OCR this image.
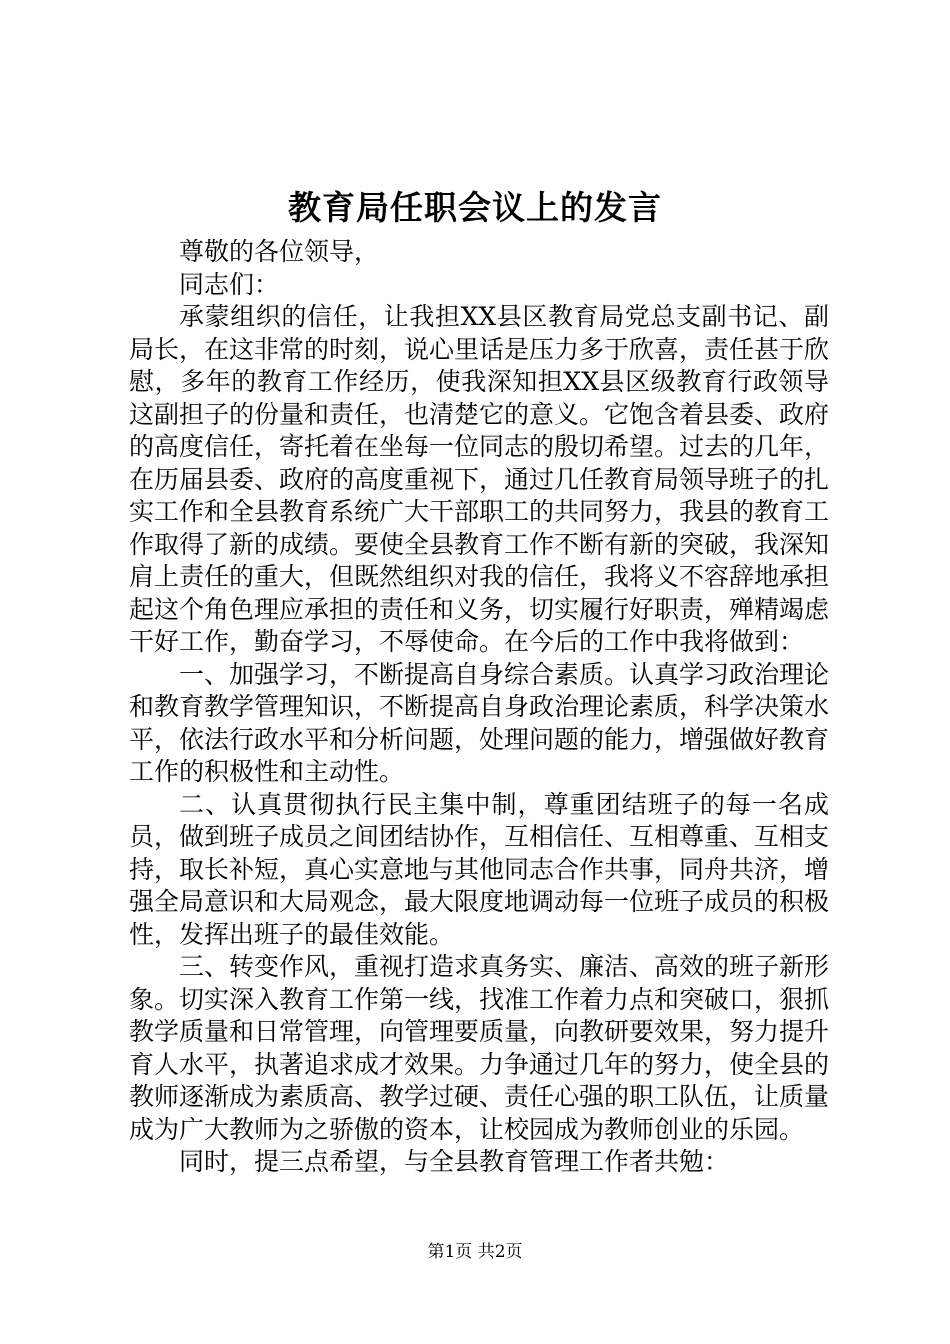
教育局任职会议上的发言

尊敬的各位领导，

同志们：

承蒙组织的信任，让我担XX县区教育局党总支副书记、副局长，在这非常的时刻，说心里话是压力多于欣喜，责任甚于欣慰，多年的教育工作经历，使我深知担XX县区级教育行政领导这副担子的份量和责任，也清楚它的意义。它饱含着县委、政府的高度信任，寄托着在坐每一位同志的殷切希望。过去的几年，在历届县委、政府的高度重视下，通过几任教育局领导班子的扎实工作和全县教育系统广大干部职工的共同努力，我县的教育工作取得了新的成绩。要使全县教育工作不断有新的突破，我深知肩上责任的重大，但既然组织对我的信任，我将义不容辞地承担起这个角色理应承担的责任和义务，切实履行好职责，殚精竭虑干好工作，勤奋学习，不辱使命。在今后的工作中我将做到：

一、加强学习，不断提高自身综合素质。认真学习政治理论和教育教学管理知识，不断提高自身政治理论素质，科学决策水平，依法行政水平和分析问题，处理问题的能力，增强做好教育工作的积极性和主动性。

二、认真贯彻执行民主集中制，尊重团结班子的每一名成员，做到班子成员之间团结协作，互相信任、互相尊重、互相支持，取长补短，真心实意地与其他同志合作共事，同舟共济，增强全局意识和大局观念，最大限度地调动每一位班子成员的积极性，发挥出班子的最佳效能。

三、转变作风，重视打造求真务实、廉洁、高效的班子新形象。切实深入教育工作第一线，找准工作着力点和突破口，狠抓教学质量和日常管理，向管理要质量，向教研要效果，努力提升育人水平，执著追求成才效果。力争通过几年的努力，使全县的教师逐渐成为素质高、教学过硬、责任心强的职工队伍，让质量成为广大教师为之骄傲的资本，让校园成为教师创业的乐园。

同时，提三点希望，与全县教育管理工作者共勉：

第1页 共2页
